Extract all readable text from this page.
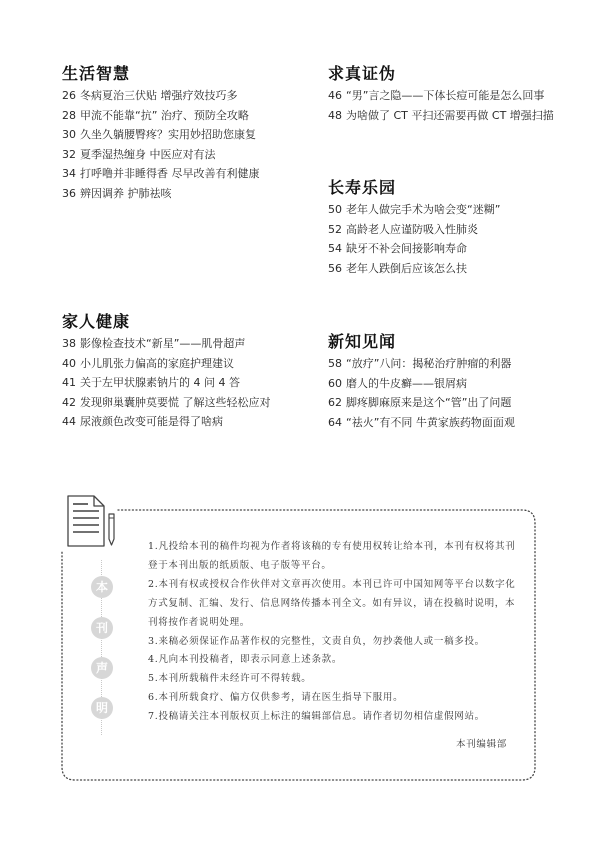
生活智慧
26 冬病夏治三伏贴 增强疗效技巧多
28 甲流不能靠“抗” 治疗、预防全攻略
30 久坐久躺腰臀疼？实用妙招助您康复
32 夏季湿热缠身 中医应对有法
34 打呼噜并非睡得香 尽早改善有利健康
36 辨因调养 护肺祛咳
家人健康
38 影像检查技术“新星”——肌骨超声
40 小儿肌张力偏高的家庭护理建议
41 关于左甲状腺素钠片的 4 问 4 答
42 发现卵巢囊肿莫要慌 了解这些轻松应对
44 尿液颜色改变可能是得了啥病
求真证伪
46 “男”言之隐——下体长痘可能是怎么回事
48 为啥做了 CT 平扫还需要再做 CT 增强扫描
长寿乐园
50 老年人做完手术为啥会变“迷糊”
52 高龄老人应谨防吸入性肺炎
54 缺牙不补会间接影响寿命
56 老年人跌倒后应该怎么扶
新知见闻
58 “放疗”八问：揭秘治疗肿瘤的利器
60 磨人的牛皮癣——银屑病
62 脚疼脚麻原来是这个“管”出了问题
64 “祛火”有不同 牛黄家族药物面面观
本
刊
声
明
1.凡投给本刊的稿件均视为作者将该稿的专有使用权转让给本刊，本刊有权将其刊登于本刊出版的纸质版、电子版等平台。
2.本刊有权或授权合作伙伴对文章再次使用。本刊已许可中国知网等平台以数字化方式复制、汇编、发行、信息网络传播本刊全文。如有异议，请在投稿时说明，本刊将按作者说明处理。
3.来稿必须保证作品著作权的完整性，文责自负，勿抄袭他人或一稿多投。
4.凡向本刊投稿者，即表示同意上述条款。
5.本刊所载稿件未经许可不得转载。
6.本刊所载食疗、偏方仅供参考，请在医生指导下服用。
7.投稿请关注本刊版权页上标注的编辑部信息。请作者切勿相信虚假网站。
本刊编辑部
